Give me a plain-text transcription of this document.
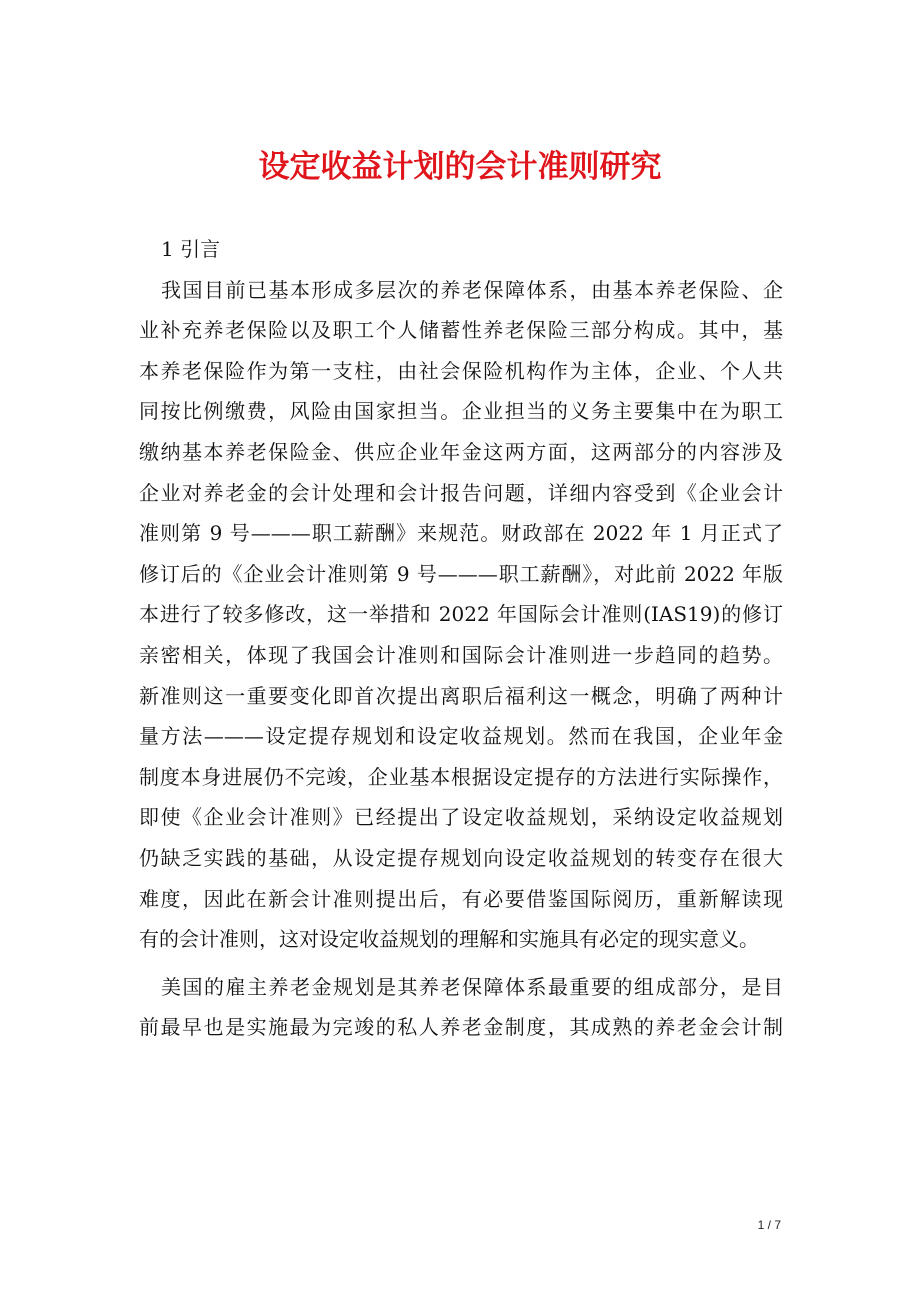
设定收益计划的会计准则研究
1 引言
我国目前已基本形成多层次的养老保障体系，由基本养老保险、企
业补充养老保险以及职工个人储蓄性养老保险三部分构成。其中，基
本养老保险作为第一支柱，由社会保险机构作为主体，企业、个人共
同按比例缴费，风险由国家担当。企业担当的义务主要集中在为职工
缴纳基本养老保险金、供应企业年金这两方面，这两部分的内容涉及
企业对养老金的会计处理和会计报告问题，详细内容受到《企业会计
准则第 9 号———职工薪酬》来规范。财政部在 2022 年 1 月正式了
修订后的《企业会计准则第 9 号———职工薪酬》，对此前 2022 年版
本进行了较多修改，这一举措和 2022 年国际会计准则(IAS19)的修订
亲密相关，体现了我国会计准则和国际会计准则进一步趋同的趋势。
新准则这一重要变化即首次提出离职后福利这一概念，明确了两种计
量方法———设定提存规划和设定收益规划。然而在我国，企业年金
制度本身进展仍不完竣，企业基本根据设定提存的方法进行实际操作，
即使《企业会计准则》已经提出了设定收益规划，采纳设定收益规划
仍缺乏实践的基础，从设定提存规划向设定收益规划的转变存在很大
难度，因此在新会计准则提出后，有必要借鉴国际阅历，重新解读现
有的会计准则，这对设定收益规划的理解和实施具有必定的现实意义。
美国的雇主养老金规划是其养老保障体系最重要的组成部分，是目
前最早也是实施最为完竣的私人养老金制度，其成熟的养老金会计制

1 / 7
